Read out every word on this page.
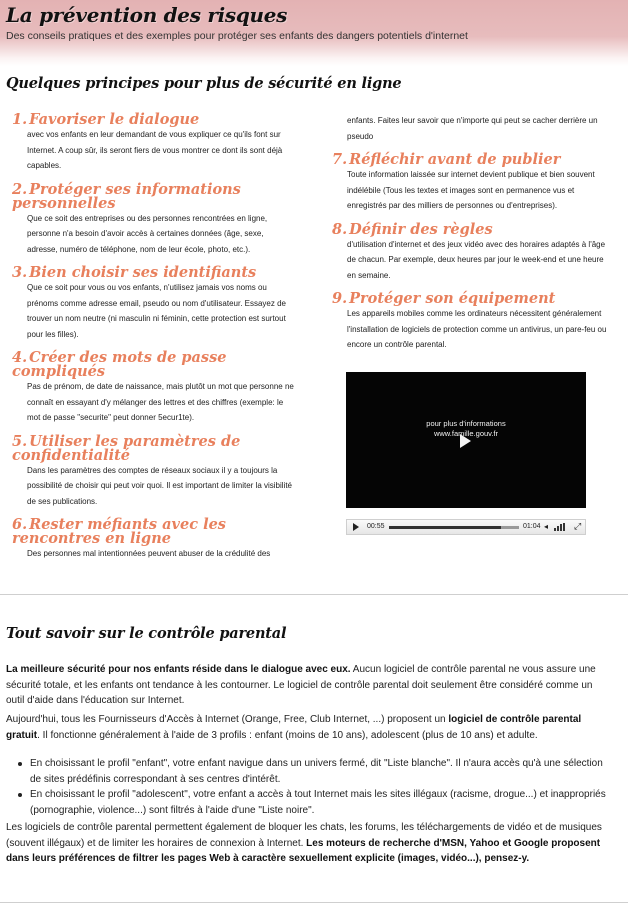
La prévention des risques
Des conseils pratiques et des exemples pour protéger ses enfants des dangers potentiels d'internet
Quelques principes pour plus de sécurité en ligne
1. Favoriser le dialogue
avec vos enfants en leur demandant de vous expliquer ce qu'ils font sur Internet. A coup sûr, ils seront fiers de vous montrer ce dont ils sont déjà capables.
2. Protéger ses informations personnelles
Que ce soit des entreprises ou des personnes rencontrées en ligne, personne n'a besoin d'avoir accès à certaines données (âge, sexe, adresse, numéro de téléphone, nom de leur école, photo, etc.).
3. Bien choisir ses identifiants
Que ce soit pour vous ou vos enfants, n'utilisez jamais vos noms ou prénoms comme adresse email, pseudo ou nom d'utilisateur. Essayez de trouver un nom neutre (ni masculin ni féminin, cette protection est surtout pour les filles).
4. Créer des mots de passe compliqués
Pas de prénom, de date de naissance, mais plutôt un mot que personne ne connaît en essayant d'y mélanger des lettres et des chiffres (exemple: le mot de passe "securite" peut donner 5ecur1te).
5. Utiliser les paramètres de confidentialité
Dans les paramètres des comptes de réseaux sociaux il y a toujours la possibilité de choisir qui peut voir quoi. Il est important de limiter la visibilité de ses publications.
6. Rester méfiants avec les rencontres en ligne
Des personnes mal intentionnées peuvent abuser de la crédulité des
enfants. Faites leur savoir que n'importe qui peut se cacher derrière un pseudo
7. Réfléchir avant de publier
Toute information laissée sur internet devient publique et bien souvent indélébile (Tous les textes et images sont en permanence vus et enregistrés par des milliers de personnes ou d'entreprises).
8. Définir des règles
d'utilisation d'internet et des jeux vidéo avec des horaires adaptés à l'âge de chacun. Par exemple, deux heures par jour le week-end et une heure en semaine.
9. Protéger son équipement
Les appareils mobiles comme les ordinateurs nécessitent généralement l'installation de logiciels de protection comme un antivirus, un pare-feu ou encore un contrôle parental.
pour plus d'informations
www.famille.gouv.fr
00:55	01:04 ◂	⤢
Tout savoir sur le contrôle parental

La meilleure sécurité pour nos enfants réside dans le dialogue avec eux. Aucun logiciel de contrôle parental ne vous assure une sécurité totale, et les enfants ont tendance à les contourner. Le logiciel de contrôle parental doit seulement être considéré comme un outil d'aide dans l'éducation sur Internet.

Aujourd'hui, tous les Fournisseurs d'Accès à Internet (Orange, Free, Club Internet, ...) proposent un logiciel de contrôle parental gratuit. Il fonctionne généralement à l'aide de 3 profils : enfant (moins de 10 ans), adolescent (plus de 10 ans) et adulte.

En choisissant le profil "enfant", votre enfant navigue dans un univers fermé, dit "Liste blanche". Il n'aura accès qu'à une sélection de sites prédéfinis correspondant à ses centres d'intérêt.
En choisissant le profil "adolescent", votre enfant a accès à tout Internet mais les sites illégaux (racisme, drogue...) et inappropriés (pornographie, violence...) sont filtrés à l'aide d'une "Liste noire".

Les logiciels de contrôle parental permettent également de bloquer les chats, les forums, les téléchargements de vidéo et de musiques (souvent illégaux) et de limiter les horaires de connexion à Internet. Les moteurs de recherche d'MSN, Yahoo et Google proposent dans leurs préférences de filtrer les pages Web à caractère sexuellement explicite (images, vidéo...), pensez-y.
